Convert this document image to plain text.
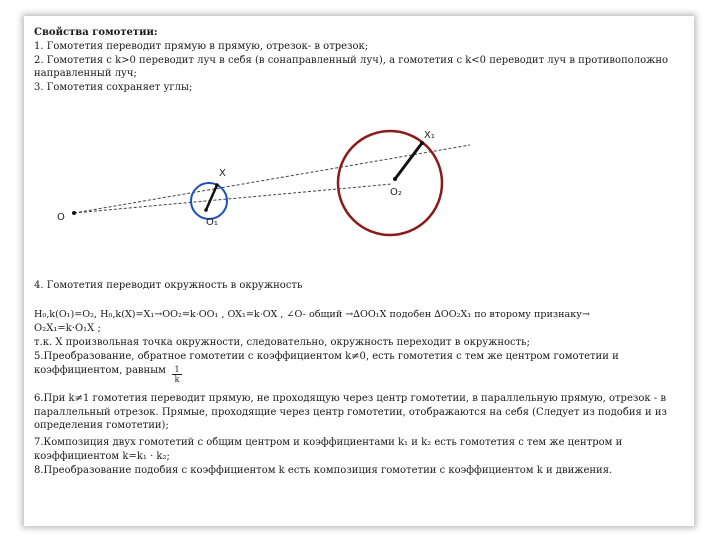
Свойства гомотетии:
1. Гомотетия переводит прямую в прямую, отрезок- в отрезок;
2. Гомотетия с k>0 переводит луч в себя (в сонаправленный луч), а гомотетия с k<0 переводит луч в противоположно
направленный луч;
3. Гомотетия сохраняет углы;
O	O₁
X
O₂
X₁
4. Гомотетия переводит окружность в окружность
H₀,k(O₁)=O₂, H₀,k(X)=X₁→OO₂=k·OO₁ , OX₁=k·OX , ∠O- общий →∆OO₁X подобен ∆OO₂X₁ по второму признаку→
O₂X₁=k·O₁X ;
т.к. X произвольная точка окружности, следовательно, окружность переходит в окружность;
5.Преобразование, обратное гомотетии с коэффициентом k≠0, есть гомотетия с тем же центром гомотетии и
коэффициентом, равным	1
k
6.При k≠1 гомотетия переводит прямую, не проходящую через центр гомотетии, в параллельную прямую, отрезок - в параллельный отрезок. Прямые, проходящие через центр гомотетии, отображаются на себя (Следует из подобия и из определения гомотетии);
7.Композиция двух гомотетий с общим центром и коэффициентами k₁ и k₂ есть гомотетия с тем же центром и
коэффициентом k=k₁ · k₂;
8.Преобразование подобия с коэффициентом k есть композиция гомотетии с коэффициентом k и движения.
